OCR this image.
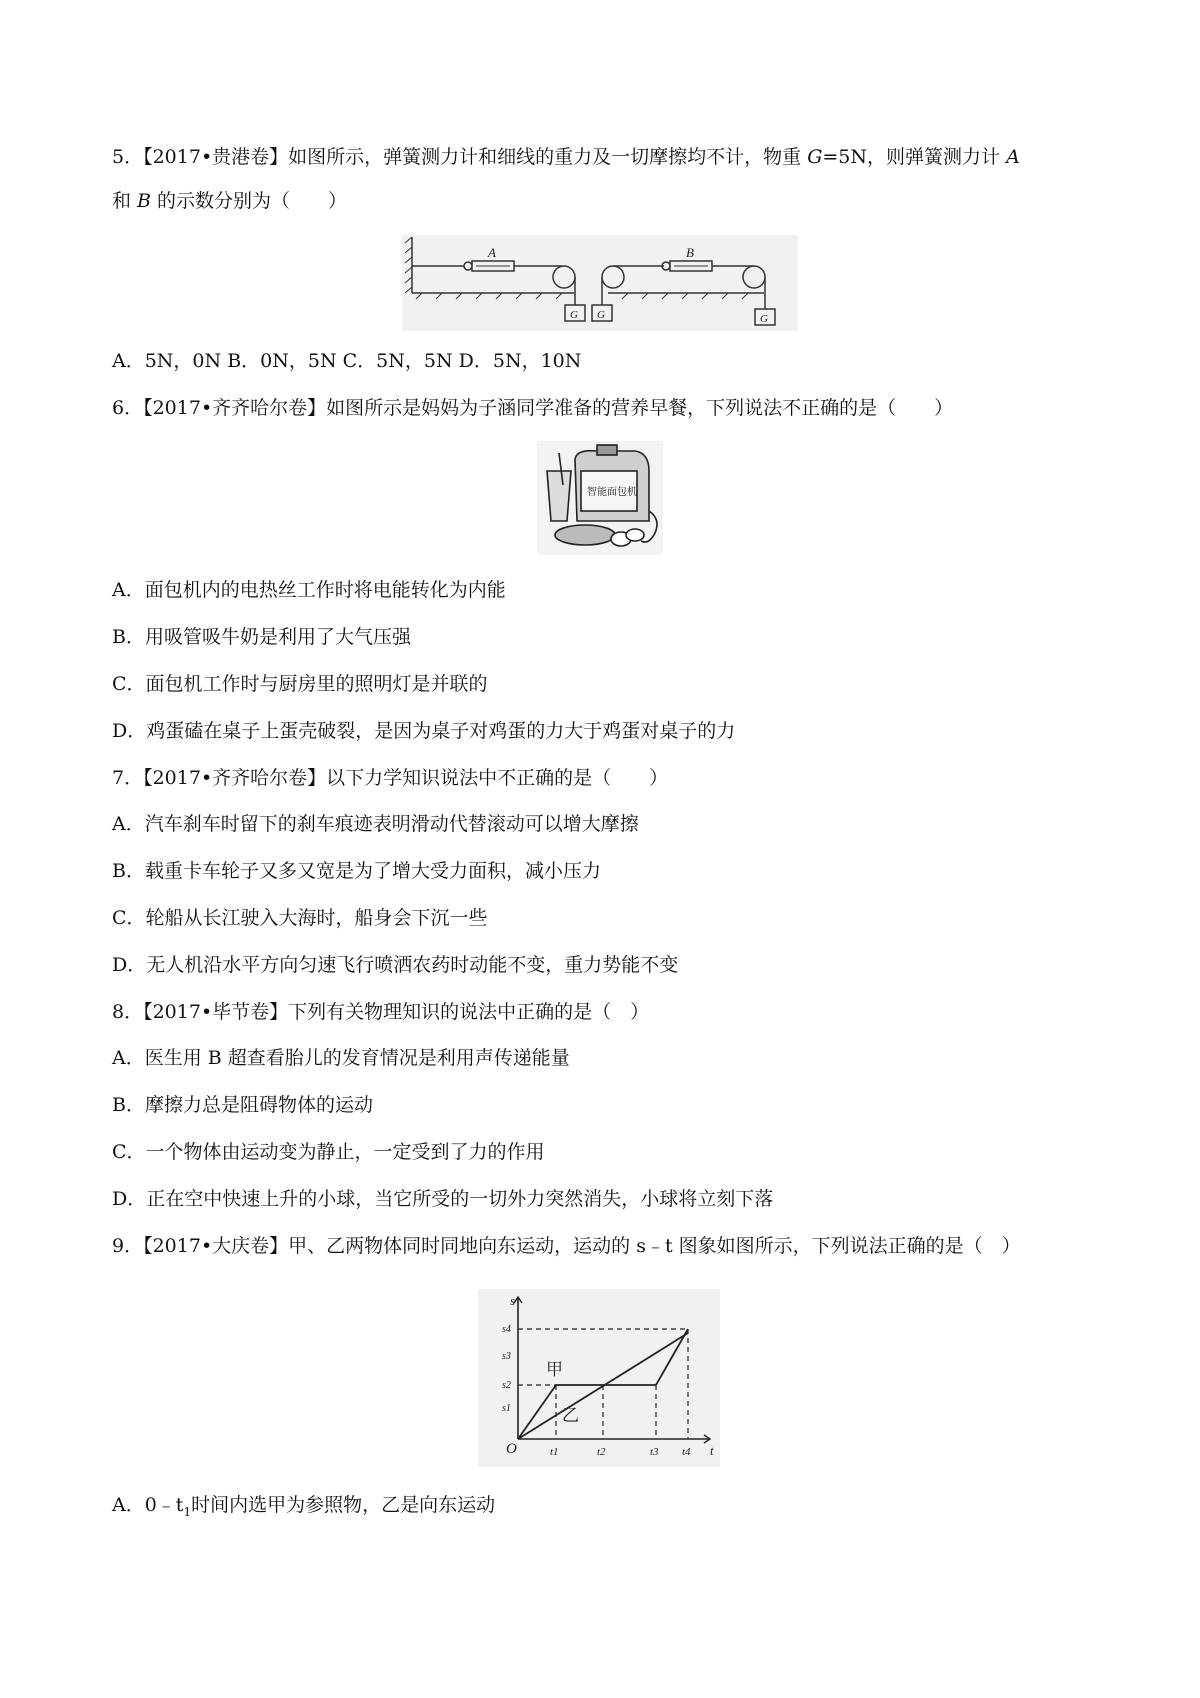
5．【2017•贵港卷】如图所示，弹簧测力计和细线的重力及一切摩擦均不计，物重 G=5N，则弹簧测力计 A
和 B 的示数分别为（　　）
A	B
G G	G
A．5N，0N B．0N，5N C．5N，5N D．5N，10N
6．【2017•齐齐哈尔卷】如图所示是妈妈为子涵同学准备的营养早餐，下列说法不正确的是（　　）
智能面包机
A．面包机内的电热丝工作时将电能转化为内能
B．用吸管吸牛奶是利用了大气压强
C．面包机工作时与厨房里的照明灯是并联的
D．鸡蛋磕在桌子上蛋壳破裂，是因为桌子对鸡蛋的力大于鸡蛋对桌子的力
7．【2017•齐齐哈尔卷】以下力学知识说法中不正确的是（　　）
A．汽车刹车时留下的刹车痕迹表明滑动代替滚动可以增大摩擦
B．载重卡车轮子又多又宽是为了增大受力面积，减小压力
C．轮船从长江驶入大海时，船身会下沉一些
D．无人机沿水平方向匀速飞行喷洒农药时动能不变，重力势能不变
8．【2017•毕节卷】下列有关物理知识的说法中正确的是（　）
A．医生用 B 超查看胎儿的发育情况是利用声传递能量
B．摩擦力总是阻碍物体的运动
C．一个物体由运动变为静止，一定受到了力的作用
D．正在空中快速上升的小球，当它所受的一切外力突然消失，小球将立刻下落
9．【2017•大庆卷】甲、乙两物体同时同地向东运动，运动的 s﹣t 图象如图所示，下列说法正确的是（　）
O
s
t
t1	t2	t3 t4
s1
s2
s3
s4
甲
乙
A．$0﹣t_1$时间内选甲为参照物，乙是向东运动
